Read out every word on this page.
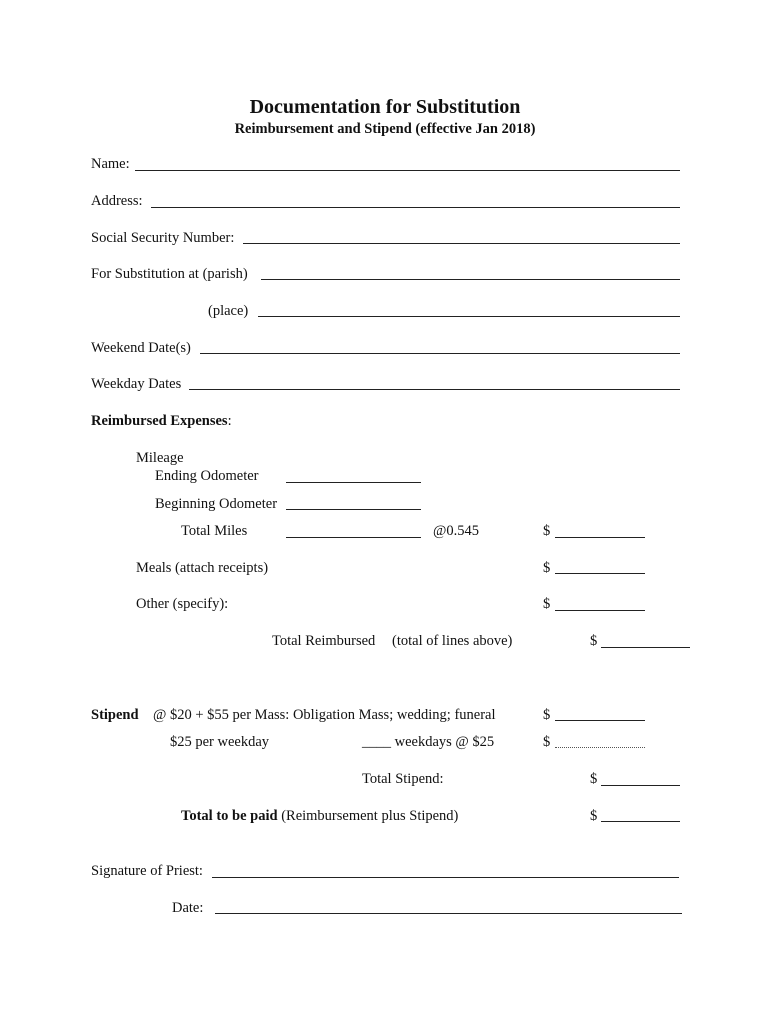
Documentation for Substitution
Reimbursement and Stipend (effective Jan 2018)
Name:
Address:
Social Security Number:
For Substitution at (parish)
(place)
Weekend Date(s)
Weekday Dates
Reimbursed Expenses:
Mileage
Ending Odometer
Beginning Odometer
Total Miles	@0.545	$
Meals (attach receipts)	$
Other (specify):	$
Total Reimbursed (total of lines above)	$
Stipend @ $20 + $55 per Mass: Obligation Mass; wedding; funeral	$
$25 per weekday	____ weekdays @ $25	$
Total Stipend:	$
Total to be paid (Reimbursement plus Stipend)	$
Signature of Priest:
Date:
